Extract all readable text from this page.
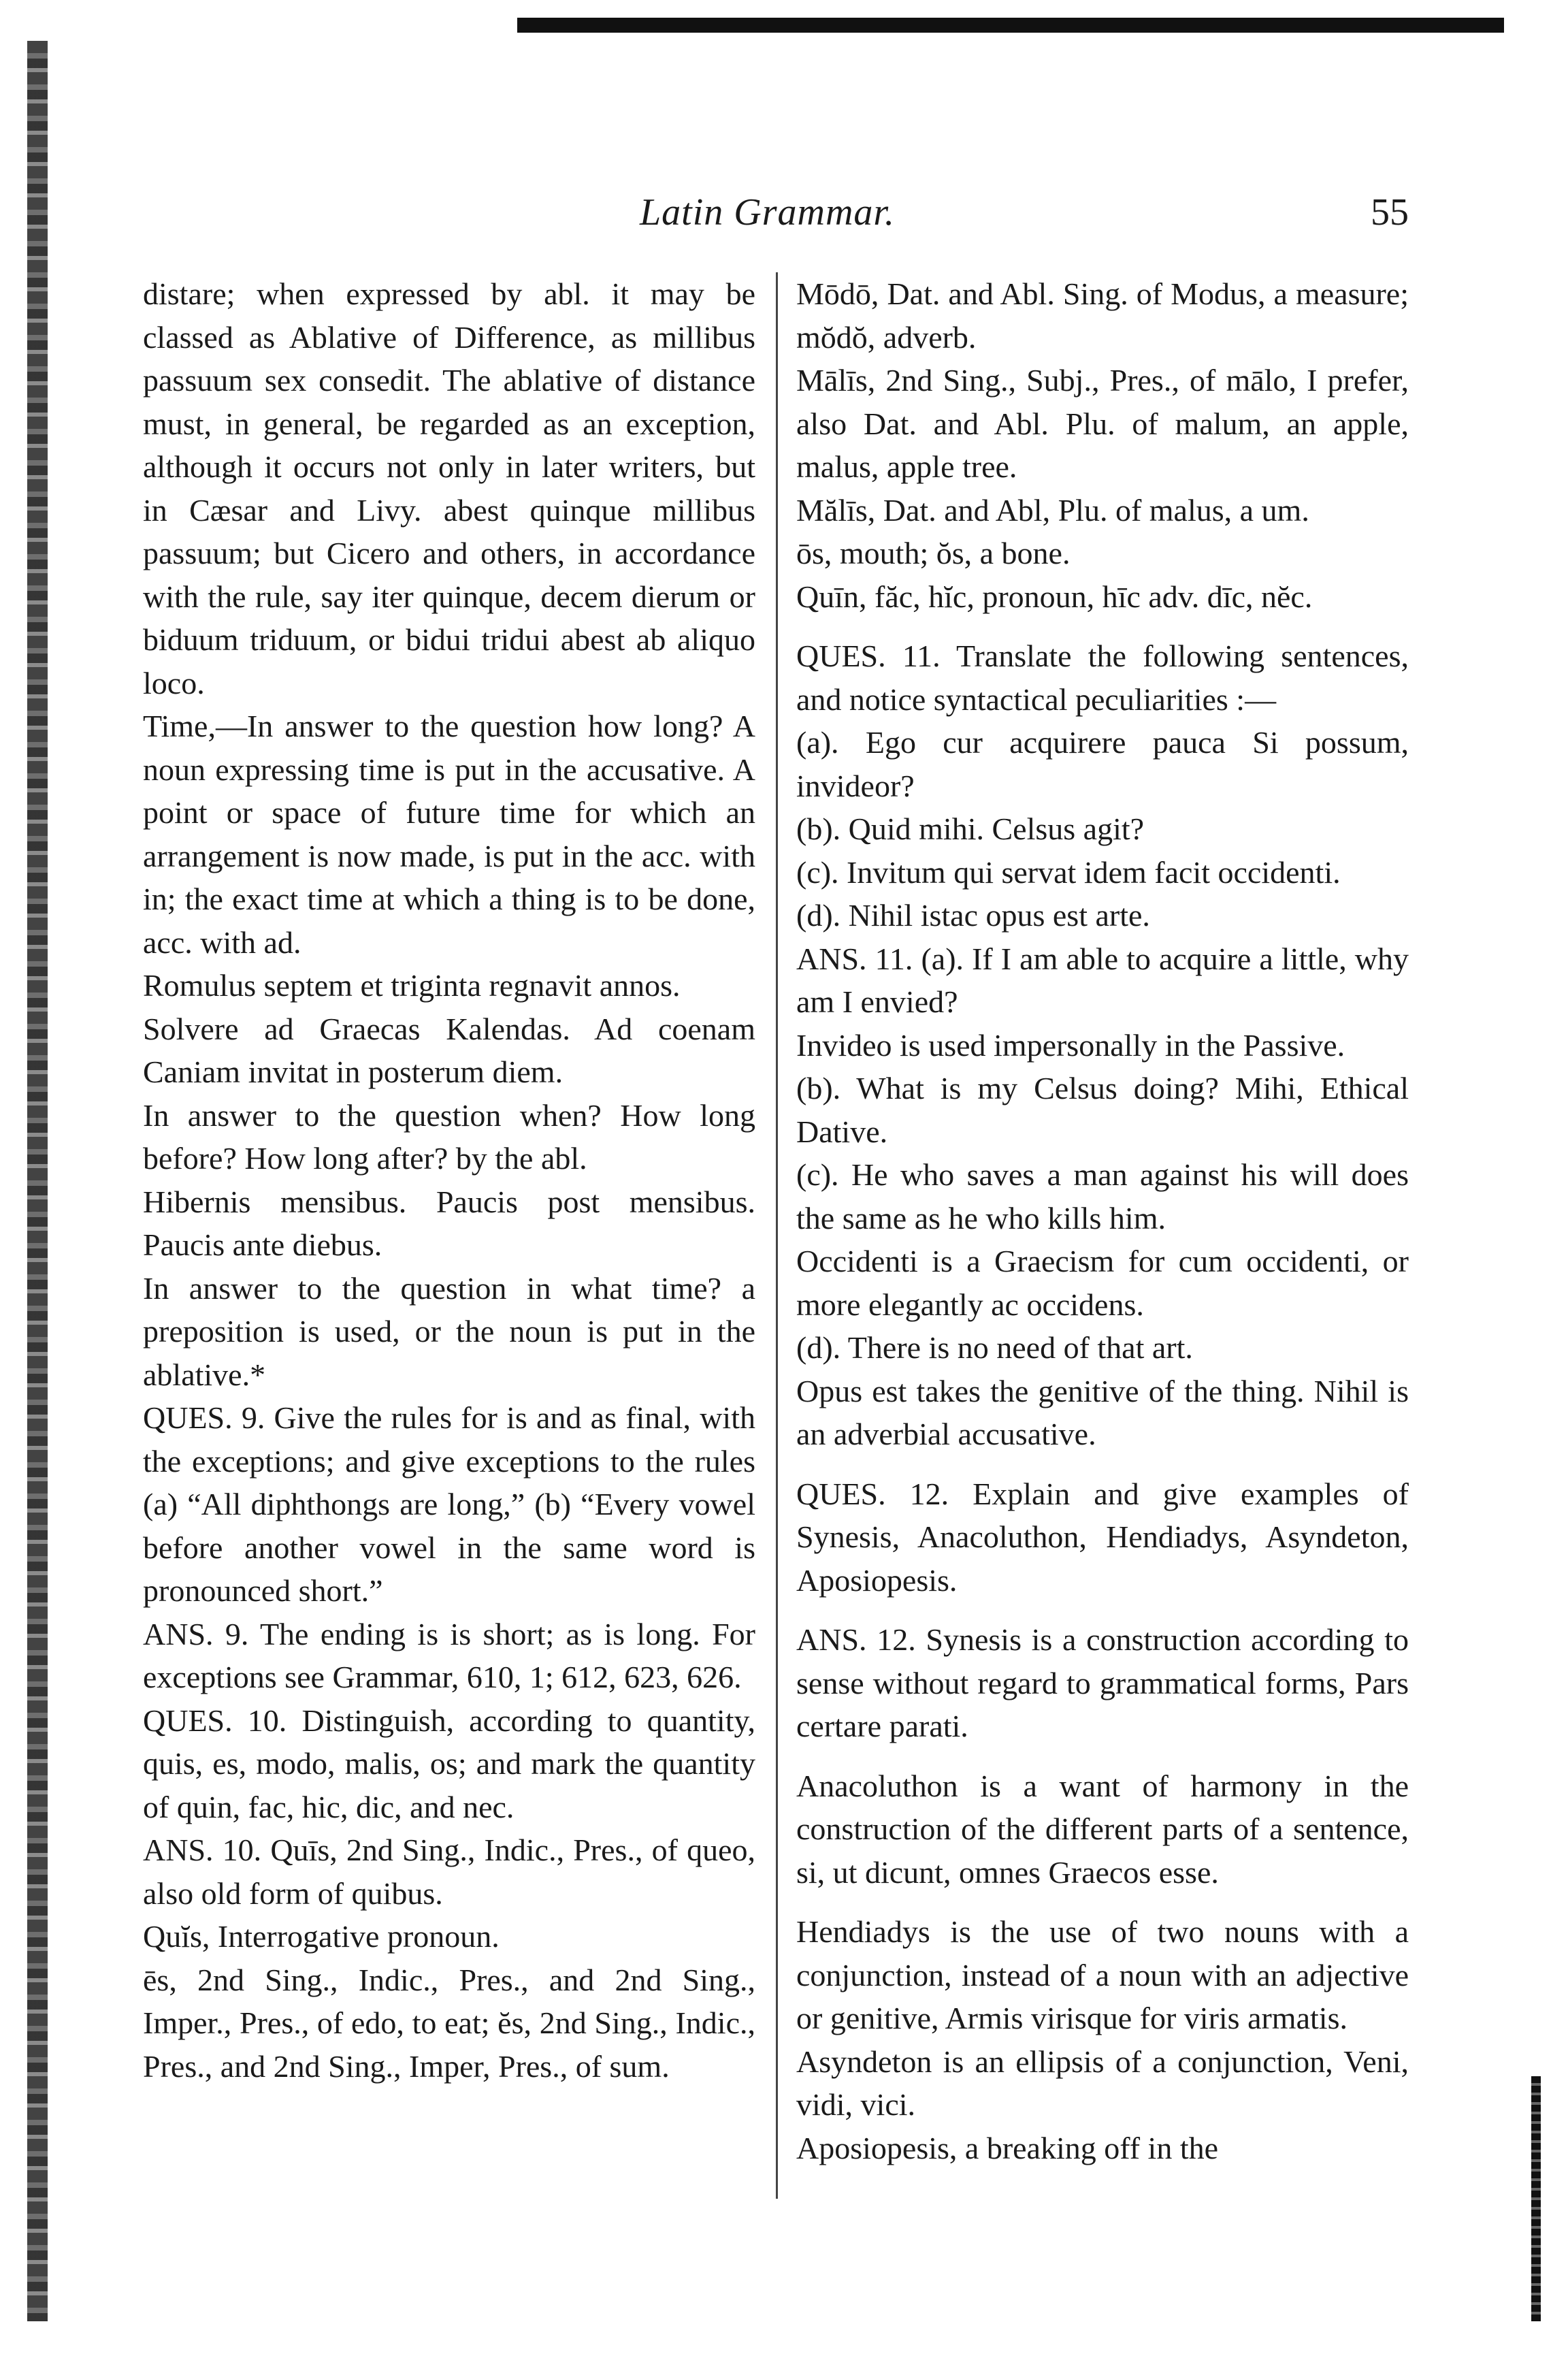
Latin Grammar.	55

distare; when expressed by abl. it may be classed as Ablative of Difference, as millibus passuum sex consedit. The ablative of distance must, in general, be regarded as an exception, although it occurs not only in later writers, but in Cæsar and Livy. abest quinque millibus passuum; but Cicero and others, in accordance with the rule, say iter quinque, decem dierum or biduum triduum, or bidui tridui abest ab aliquo loco.

Time,—In answer to the question how long? A noun expressing time is put in the accusative. A point or space of future time for which an arrangement is now made, is put in the acc. with in; the exact time at which a thing is to be done, acc. with ad.

Romulus septem et triginta regnavit annos.

Solvere ad Graecas Kalendas. Ad coenam Caniam invitat in posterum diem.

In answer to the question when? How long before? How long after? by the abl.

Hibernis mensibus. Paucis post mensibus. Paucis ante diebus.

In answer to the question in what time? a preposition is used, or the noun is put in the ablative.*

QUES. 9. Give the rules for is and as final, with the exceptions; and give exceptions to the rules (a) “All diphthongs are long,” (b) “Every vowel before another vowel in the same word is pronounced short.”

ANS. 9. The ending is is short; as is long. For exceptions see Grammar, 610, 1; 612, 623, 626.

QUES. 10. Distinguish, according to quantity, quis, es, modo, malis, os; and mark the quantity of quin, fac, hic, dic, and nec.

ANS. 10. Quīs, 2nd Sing., Indic., Pres., of queo, also old form of quibus.

Quĭs, Interrogative pronoun.

ēs, 2nd Sing., Indic., Pres., and 2nd Sing., Imper., Pres., of edo, to eat; ĕs, 2nd Sing., Indic., Pres., and 2nd Sing., Imper, Pres., of sum.

Mōdō, Dat. and Abl. Sing. of Modus, a measure; mŏdŏ, adverb.

Mālīs, 2nd Sing., Subj., Pres., of mālo, I prefer, also Dat. and Abl. Plu. of malum, an apple, malus, apple tree.

Mălīs, Dat. and Abl, Plu. of malus, a um.

ōs, mouth; ŏs, a bone.

Quīn, făc, hĭc, pronoun, hīc adv. dīc, nĕc.

QUES. 11. Translate the following sentences, and notice syntactical peculiarities :—

(a). Ego cur acquirere pauca Si possum, invideor?

(b). Quid mihi. Celsus agit?

(c). Invitum qui servat idem facit occidenti.

(d). Nihil istac opus est arte.

ANS. 11. (a). If I am able to acquire a little, why am I envied?

Invideo is used impersonally in the Passive.

(b). What is my Celsus doing? Mihi, Ethical Dative.

(c). He who saves a man against his will does the same as he who kills him.

Occidenti is a Graecism for cum occidenti, or more elegantly ac occidens.

(d). There is no need of that art.

Opus est takes the genitive of the thing. Nihil is an adverbial accusative.

QUES. 12. Explain and give examples of Synesis, Anacoluthon, Hendiadys, Asyndeton, Aposiopesis.

ANS. 12. Synesis is a construction according to sense without regard to grammatical forms, Pars certare parati.

Anacoluthon is a want of harmony in the construction of the different parts of a sentence, si, ut dicunt, omnes Graecos esse.

Hendiadys is the use of two nouns with a conjunction, instead of a noun with an adjective or genitive, Armis virisque for viris armatis.

Asyndeton is an ellipsis of a conjunction, Veni, vidi, vici.

Aposiopesis, a breaking off in the
